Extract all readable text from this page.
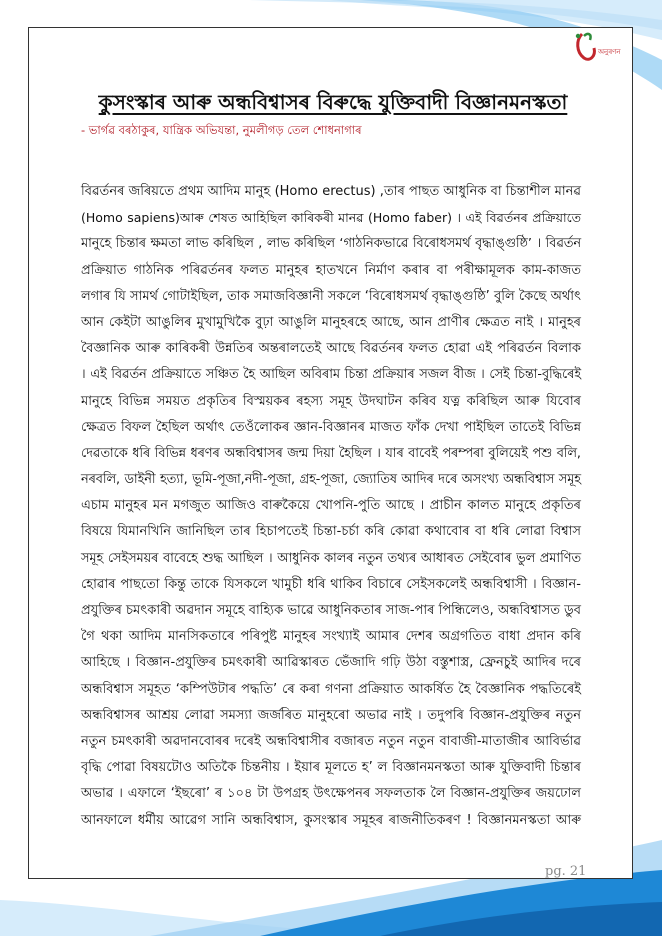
অনুৰণন
কুসংস্কাৰ আৰু অন্ধবিশ্বাসৰ বিৰুদ্ধে যুক্তিবাদী বিজ্ঞানমনস্কতা
- ভাৰ্গৱ বৰঠাকুৰ, যান্ত্ৰিক অভিযন্তা, নুমলীগড় তেল শোধনাগাৰ
বিৱৰ্তনৰ জৰিয়তে প্ৰথম আদিম মানুহ (Homo erectus) ,তাৰ পাছত আধুনিক বা চিন্তাশীল মানৱ
(Homo sapiens)আৰু শেষত আহিছিল কাৰিকৰী মানৱ (Homo faber) । এই বিৱৰ্তনৰ প্ৰক্ৰিয়াতে
মানুহে চিন্তাৰ ক্ষমতা লাভ কৰিছিল , লাভ কৰিছিল ‘গাঠনিকভাৱে বিৰোধসমৰ্থ বৃদ্ধাঙ্গুষ্ঠি’ । বিৱৰ্তন
প্ৰক্ৰিয়াত গাঠনিক পৰিৱৰ্তনৰ ফলত মানুহৰ হাতখনে নিৰ্মাণ কৰাৰ বা পৰীক্ষামূলক কাম-কাজত
লগাৰ যি সামৰ্থ গোটাইছিল, তাক সমাজবিজ্ঞানী সকলে ‘বিৰোধসমৰ্থ বৃদ্ধাঙ্গুষ্ঠি’ বুলি কৈছে অৰ্থাৎ
আন কেইটা আঙুলিৰ মুখামুখিকৈ বুঢ়া আঙুলি মানুহৰহে আছে, আন প্ৰাণীৰ ক্ষেত্ৰত নাই । মানুহৰ
বৈজ্ঞানিক আৰু কাৰিকৰী উন্নতিৰ অন্তৰালতেই আছে বিৱৰ্তনৰ ফলত হোৱা এই পৰিৱৰ্তন বিলাক
। এই বিৱৰ্তন প্ৰক্ৰিয়াতে সঞ্চিত হৈ আছিল অবিৰাম চিন্তা প্ৰক্ৰিয়াৰ সজল বীজ । সেই চিন্তা-বুদ্ধিৰেই
মানুহে বিভিন্ন সময়ত প্ৰকৃতিৰ বিস্ময়কৰ ৰহস্য সমূহ উদঘাটন কৰিব যত্ন কৰিছিল আৰু যিবোৰ
ক্ষেত্ৰত বিফল হৈছিল অৰ্থাৎ তেওঁলোকৰ জ্ঞান-বিজ্ঞানৰ মাজত ফাঁক দেখা পাইছিল তাতেই বিভিন্ন
দেৱতাকে ধৰি বিভিন্ন ধৰণৰ অন্ধবিশ্বাসৰ জন্ম দিয়া হৈছিল । যাৰ বাবেই পৰম্পৰা বুলিয়েই পশু বলি,
নৰবলি, ডাইনী হত্যা, ভূমি-পূজা,নদী-পূজা, গ্ৰহ-পূজা, জ্যোতিষ আদিৰ দৰে অসংখ্য অন্ধবিশ্বাস সমূহ
এচাম মানুহৰ মন মগজুত আজিও বাৰুকৈয়ে খোপনি-পুতি আছে । প্ৰাচীন কালত মানুহে প্ৰকৃতিৰ
বিষয়ে যিমানখিনি জানিছিল তাৰ হিচাপতেই চিন্তা-চৰ্চা কৰি কোৱা কথাবোৰ বা ধৰি লোৱা বিশ্বাস
সমূহ সেইসময়ৰ বাবেহে শুদ্ধ আছিল । আধুনিক কালৰ নতুন তথ্যৰ আধাৰত সেইবোৰ ভুল প্ৰমাণিত
হোৱাৰ পাছতো কিন্তু তাকে যিসকলে খামুচী ধৰি থাকিব বিচাৰে সেইসকলেই অন্ধবিশ্বাসী । বিজ্ঞান-
প্ৰযুক্তিৰ চমৎকাৰী অৱদান সমূহে বাহ্যিক ভাৱে আধুনিকতাৰ সাজ-পাৰ পিন্ধিলেও, অন্ধবিশ্বাসত ডুব
গৈ থকা আদিম মানসিকতাৰে পৰিপুষ্ট মানুহৰ সংখ্যাই আমাৰ দেশৰ অগ্ৰগতিত বাধা প্ৰদান কৰি
আহিছে । বিজ্ঞান-প্ৰযুক্তিৰ চমৎকাৰী আৱিস্কাৰত ভেঁজাদি গঢ়ি উঠা বস্তুশাস্ত্ৰ, ফ্ৰেনচুই আদিৰ দৰে
অন্ধবিশ্বাস সমূহত ‘কম্পিউটাৰ পদ্ধতি’ ৰে কৰা গণনা প্ৰক্ৰিয়াত আকৰ্ষিত হৈ বৈজ্ঞানিক পদ্ধতিৰেই
অন্ধবিশ্বাসৰ আশ্ৰয় লোৱা সমস্যা জৰ্জৰিত মানুহৰো অভাৱ নাই । তদুপৰি বিজ্ঞান-প্ৰযুক্তিৰ নতুন
নতুন চমৎকাৰী অৱদানবোৰৰ দৰেই অন্ধবিশ্বাসীৰ বজাৰত নতুন নতুন বাবাজী-মাতাজীৰ আবিৰ্ভাৱ
বৃদ্ধি পোৱা বিষয়টোও অতিকৈ চিন্তনীয় । ইয়াৰ মূলতে হ’ ল বিজ্ঞানমনস্কতা আৰু যুক্তিবাদী চিন্তাৰ
অভাৱ । এফালে ‘ইছৰো’ ৰ ১০৪ টা উপগ্ৰহ উৎক্ষেপনৰ সফলতাক লৈ বিজ্ঞান-প্ৰযুক্তিৰ জয়ঢোল
আনফালে ধৰ্মীয় আৱেগ সানি অন্ধবিশ্বাস, কুসংস্কাৰ সমূহৰ ৰাজনীতিকৰণ ! বিজ্ঞানমনস্কতা আৰু
pg. 21
